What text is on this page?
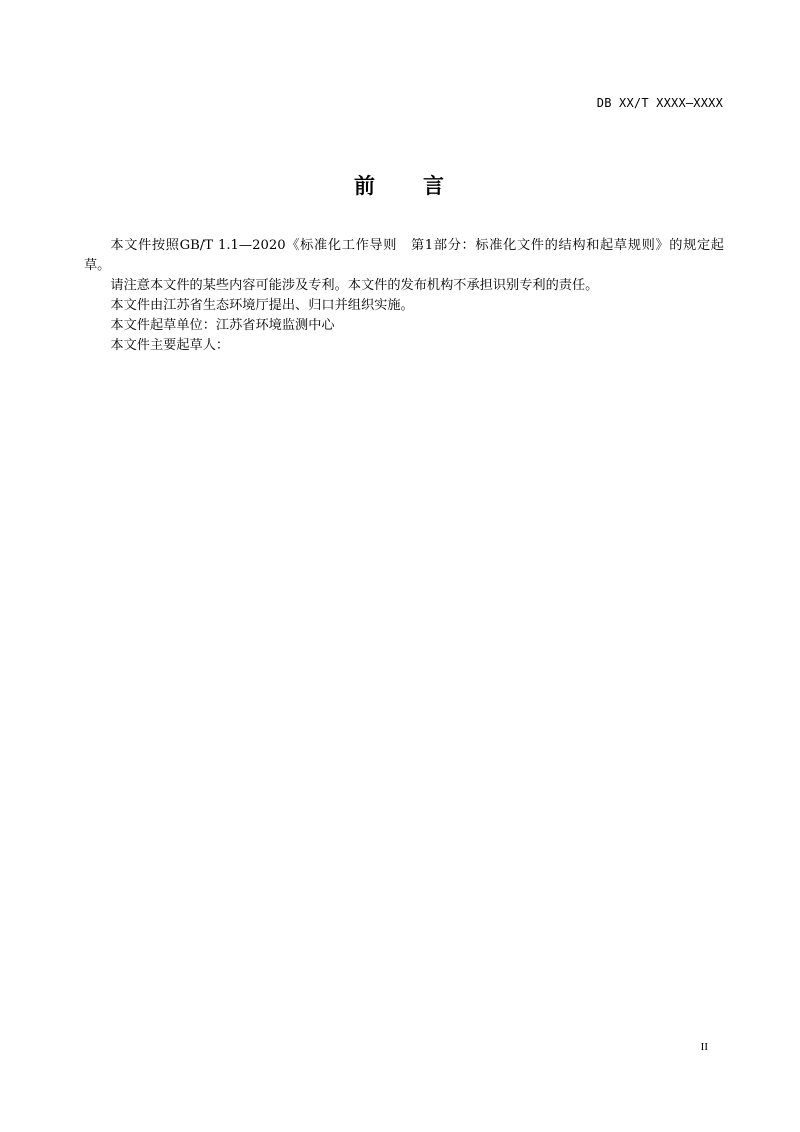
DB XX/T XXXX—XXXX
前　　言

本文件按照GB/T 1.1—2020《标准化工作导则　第1部分：标准化文件的结构和起草规则》的规定起草。

请注意本文件的某些内容可能涉及专利。本文件的发布机构不承担识别专利的责任。

本文件由江苏省生态环境厅提出、归口并组织实施。

本文件起草单位：江苏省环境监测中心

本文件主要起草人：

II
